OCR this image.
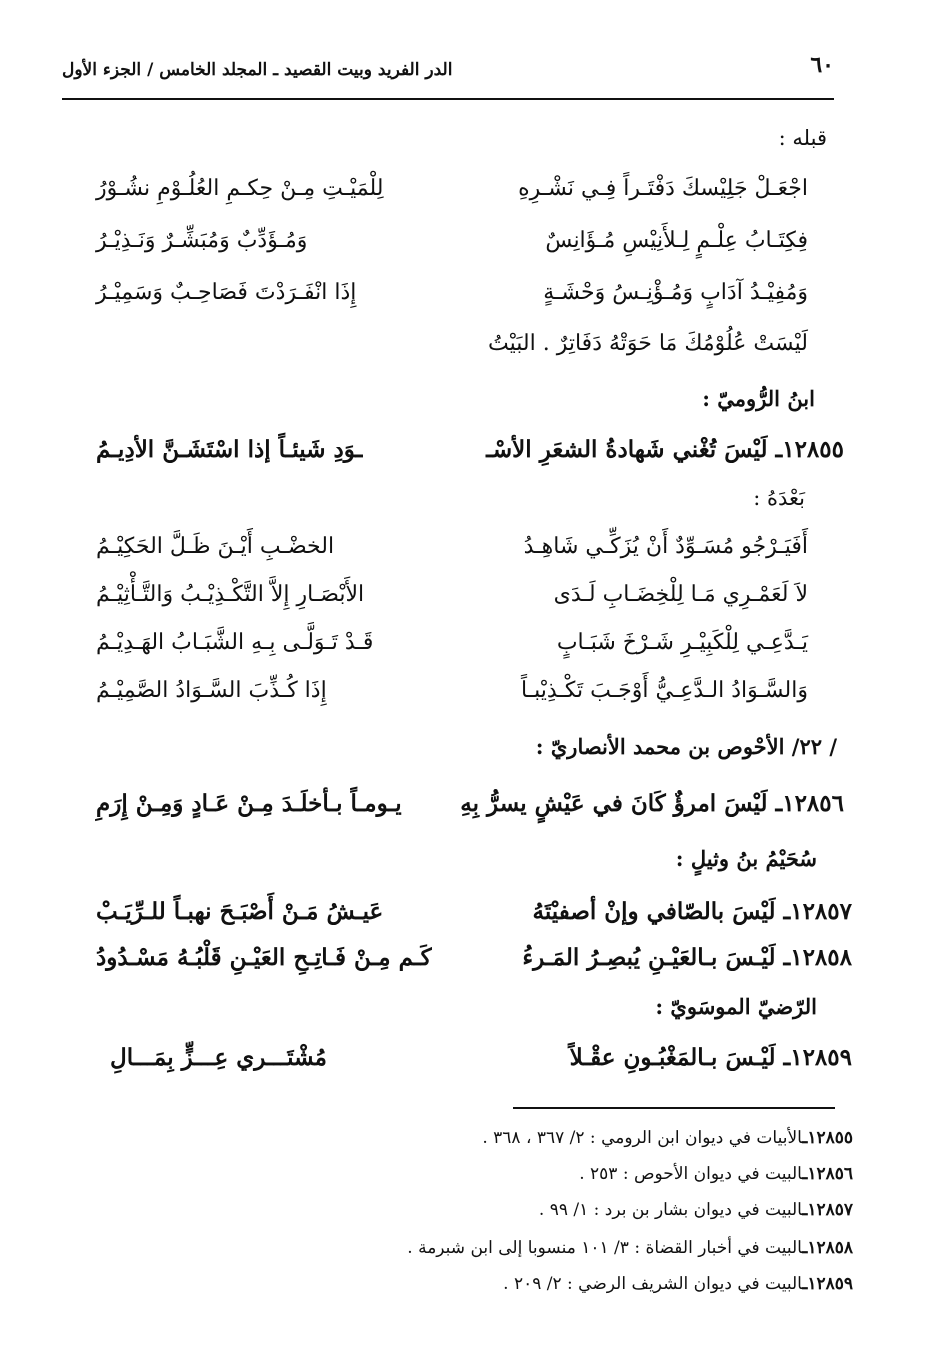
٦٠
الدر الفريد وبيت القصيد ـ المجلد الخامس / الجزء الأول
قبله :
اجْعَـلْ جَلِيْسكَ دَفْتَـراً فِـي نَشْـرِهِ
لِلْمَيْـتِ مِـنْ حِكـمِ العُلُـوْمِ نشُـوْرُ
فِكِتَـابُ عِلْـمٍ لِـلأَنِيْسِ مُـؤَانِسٌ
وَمُـؤَدِّبٌ وَمُبَشِّـرٌ وَنَـذِيْـرُ
وَمُفِيْـدُ آدَابٍ وَمُـؤْنِـسُ وَحْشَـةٍ
إِذَا انْفَـرَدْتَ فَصَاحِـبٌ وَسَمِيْـرُ
لَيْسَتْ عُلُوْمُكَ مَا حَوَتْهُ دَفَاتِرٌ . البَيْتُ
ابنُ الرُّوميّ :
١٢٨٥٥ـ لَيْسَ تُغْني شَهادةُ الشعَرِ الأسْـ
ـوَدِ شَيئـاً إذا اسْتَشَـنَّ الأدِيـمُ
بَعْدَهُ :
أَفَيَـرْجُو مُسَـوِّدٌ أَنْ يُزَكِّـي شَاهِـدُ
الخضْـبِ أَيْـنَ ظَـلَّ الحَكِيْـمُ
لاَ لَعَمْـرِي مَـا لِلْخِضَـابِ لَـدَى
الأَبْصَـارِ إِلاَّ التَّكْـذِيْـبُ وَالتَّـأْثِيْـمُ
يَـدَّعِـي لِلْكَبِيْـرِ شَـرْخَ شَبَـابٍ
قَـدْ تَـوَلَّـى بِـهِ الشَّبَـابُ الهَـدِيْـمُ
وَالسَّـوَادُ الـدَّعِـيُّ أَوْجَـبَ تَكْـذِيْبـاً
إِذَا كُـذِّبَ السَّـوَادُ الصَّمِيْـمُ
/ ٢٢/ الأحْوص بن محمد الأنصاريّ :
١٢٨٥٦ـ لَيْسَ امرؤٌ كَانَ في عَيْشٍ يسرُّ بِهِ
يـومـاً بـأخلَـدَ مِـنْ عَـادٍ وَمِـنْ إِرَمِ
سُحَيْمُ بنُ وثيلٍ :
١٢٨٥٧ـ لَيْسَ بالصّافي وإنْ أصفيْتَهُ
عَيـشُ مَـنْ أَصْبَـحَ نهبـاً للـرِّيَـبْ
١٢٨٥٨ـ لَيْـسَ بـالعَيْـنِ يُبصِـرُ المَـرءُ
كَـم مِـنْ فَـاتِـحِ العَيْـنِ قَلْبُـهُ مَسْـدُودُ
الرّضيّ الموسَويّ :
١٢٨٥٩ـ لَيْـسَ بـالمَغْبُـونِ عقْـلاً
مُشْتَـــري عِـــزٍّ بِمَـــالِ
١٢٨٥٥ـالأبيات في ديوان ابن الرومي : ٢/ ٣٦٧ ، ٣٦٨ .
١٢٨٥٦ـالبيت في ديوان الأحوص : ٢٥٣ .
١٢٨٥٧ـالبيت في ديوان بشار بن برد : ١/ ٩٩ .
١٢٨٥٨ـالبيت في أخبار القضاة : ٣/ ١٠١ منسوبا إلى ابن شبرمة .
١٢٨٥٩ـالبيت في ديوان الشريف الرضي : ٢/ ٢٠٩ .
